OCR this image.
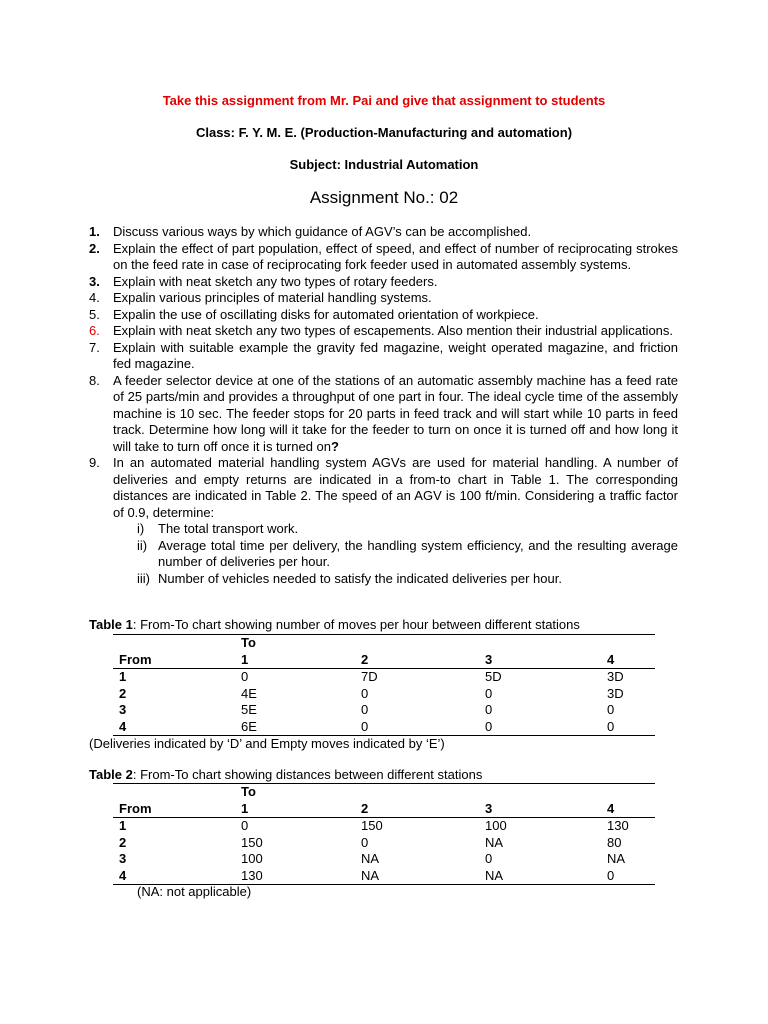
Take this assignment from Mr. Pai and give that assignment to students
Class: F. Y. M. E. (Production-Manufacturing and automation)
Subject: Industrial Automation
Assignment No.: 02
1. Discuss various ways by which guidance of AGV’s can be accomplished.
2. Explain the effect of part population, effect of speed, and effect of number of reciprocating strokes on the feed rate in case of reciprocating fork feeder used in automated assembly systems.
3. Explain with neat sketch any two types of rotary feeders.
4. Expalin various principles of material handling systems.
5. Expalin the use of oscillating disks for automated orientation of workpiece.
6. Explain with neat sketch any two types of escapements. Also mention their industrial applications.
7. Explain with suitable example the gravity fed magazine, weight operated magazine, and friction fed magazine.
8. A feeder selector device at one of the stations of an automatic assembly machine has a feed rate of 25 parts/min and provides a throughput of one part in four. The ideal cycle time of the assembly machine is 10 sec. The feeder stops for 20 parts in feed track and will start while 10 parts in feed track. Determine how long will it take for the feeder to turn on once it is turned off and how long it will take to turn off once it is turned on?
9. In an automated material handling system AGVs are used for material handling. A number of deliveries and empty returns are indicated in a from-to chart in Table 1. The corresponding distances are indicated in Table 2. The speed of an AGV is 100 ft/min. Considering a traffic factor of 0.9, determine:
i)	The total transport work.
ii) Average total time per delivery, the handling system efficiency, and the resulting average number of deliveries per hour.
iii) Number of vehicles needed to satisfy the indicated deliveries per hour.
Table 1: From-To chart showing number of moves per hour between different stations
	To			
From	1	2	3	4
1	0	7D	5D	3D
2	4E	0	0	3D
3	5E	0	0	0
4	6E	0	0	0
(Deliveries indicated by ‘D’ and Empty moves indicated by ‘E’)
Table 2: From-To chart showing distances between different stations
	To			
From	1	2	3	4
1	0	150	100	130
2	150	0	NA	80
3	100	NA	0	NA
4	130	NA	NA	0
(NA: not applicable)
